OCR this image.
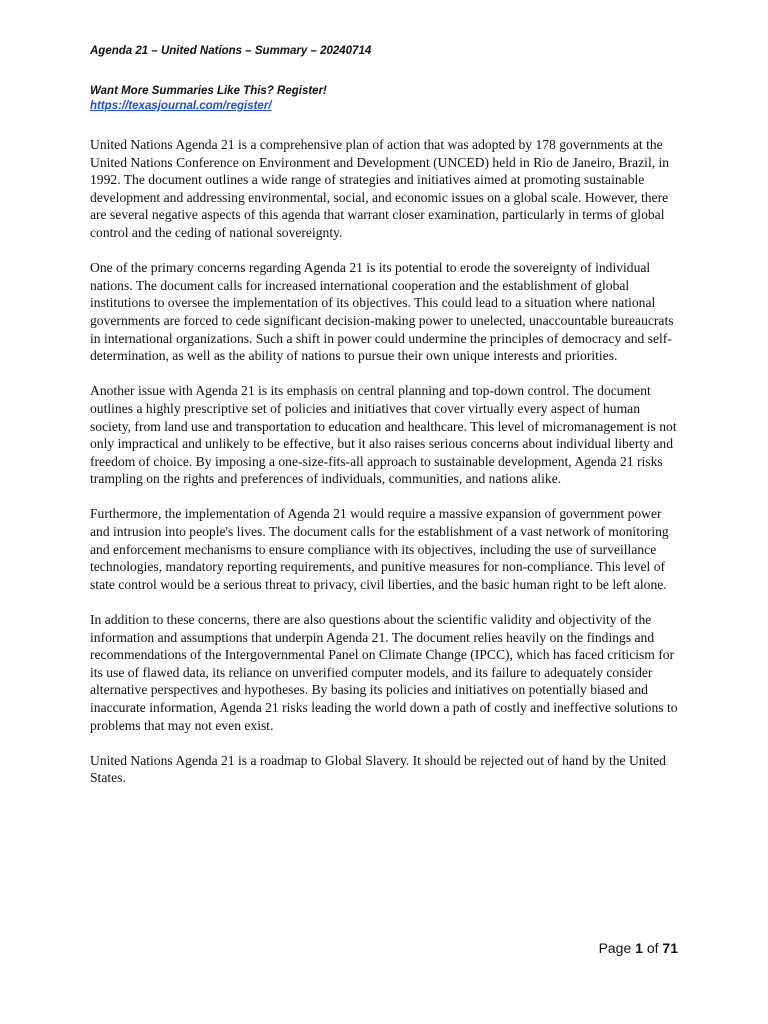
Agenda 21 – United Nations – Summary – 20240714
Want More Summaries Like This? Register!
https://texasjournal.com/register/

United Nations Agenda 21 is a comprehensive plan of action that was adopted by 178 governments at the United Nations Conference on Environment and Development (UNCED) held in Rio de Janeiro, Brazil, in 1992. The document outlines a wide range of strategies and initiatives aimed at promoting sustainable development and addressing environmental, social, and economic issues on a global scale. However, there are several negative aspects of this agenda that warrant closer examination, particularly in terms of global control and the ceding of national sovereignty.

One of the primary concerns regarding Agenda 21 is its potential to erode the sovereignty of individual nations. The document calls for increased international cooperation and the establishment of global institutions to oversee the implementation of its objectives. This could lead to a situation where national governments are forced to cede significant decision-making power to unelected, unaccountable bureaucrats in international organizations. Such a shift in power could undermine the principles of democracy and self-determination, as well as the ability of nations to pursue their own unique interests and priorities.

Another issue with Agenda 21 is its emphasis on central planning and top-down control. The document outlines a highly prescriptive set of policies and initiatives that cover virtually every aspect of human society, from land use and transportation to education and healthcare. This level of micromanagement is not only impractical and unlikely to be effective, but it also raises serious concerns about individual liberty and freedom of choice. By imposing a one-size-fits-all approach to sustainable development, Agenda 21 risks trampling on the rights and preferences of individuals, communities, and nations alike.

Furthermore, the implementation of Agenda 21 would require a massive expansion of government power and intrusion into people's lives. The document calls for the establishment of a vast network of monitoring and enforcement mechanisms to ensure compliance with its objectives, including the use of surveillance technologies, mandatory reporting requirements, and punitive measures for non-compliance. This level of state control would be a serious threat to privacy, civil liberties, and the basic human right to be left alone.

In addition to these concerns, there are also questions about the scientific validity and objectivity of the information and assumptions that underpin Agenda 21. The document relies heavily on the findings and recommendations of the Intergovernmental Panel on Climate Change (IPCC), which has faced criticism for its use of flawed data, its reliance on unverified computer models, and its failure to adequately consider alternative perspectives and hypotheses. By basing its policies and initiatives on potentially biased and inaccurate information, Agenda 21 risks leading the world down a path of costly and ineffective solutions to problems that may not even exist.

United Nations Agenda 21 is a roadmap to Global Slavery. It should be rejected out of hand by the United States.

Page 1 of 71
